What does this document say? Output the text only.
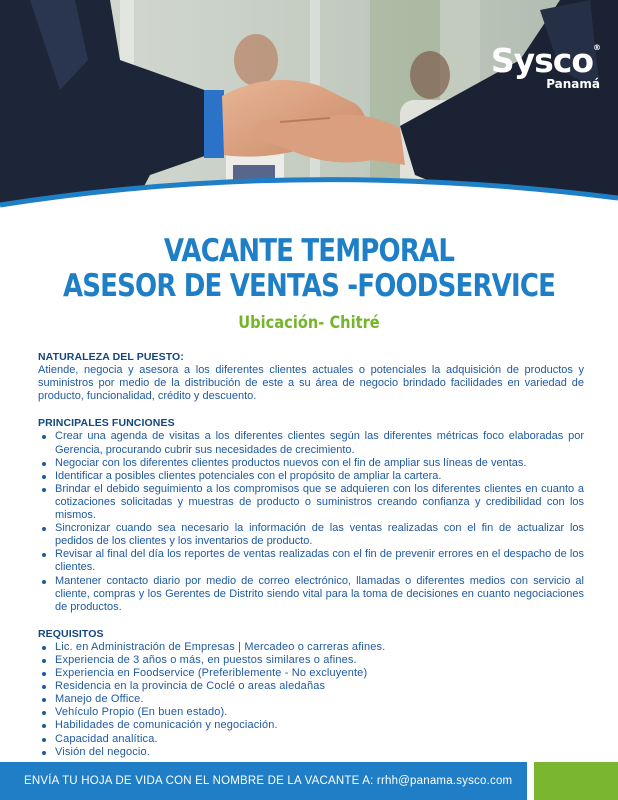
Sysco®
Panamá
VACANTE TEMPORAL
ASESOR DE VENTAS -FOODSERVICE
Ubicación- Chitré
NATURALEZA DEL PUESTO:
Atiende, negocia y asesora a los diferentes clientes actuales o potenciales la adquisición de productos y suministros por medio de la distribución de este a su área de negocio brindado facilidades en variedad de producto, funcionalidad, crédito y descuento.
PRINCIPALES FUNCIONES
Crear una agenda de visitas a los diferentes clientes según las diferentes métricas foco elaboradas por Gerencia, procurando cubrir sus necesidades de crecimiento.
Negociar con los diferentes clientes productos nuevos con el fin de ampliar sus líneas de ventas.
Identificar a posibles clientes potenciales con el propósito de ampliar la cartera.
Brindar el debido seguimiento a los compromisos que se adquieren con los diferentes clientes en cuanto a cotizaciones solicitadas y muestras de producto o suministros creando confianza y credibilidad con los mismos.
Sincronizar cuando sea necesario la información de las ventas realizadas con el fin de actualizar los pedidos de los clientes y los inventarios de producto.
Revisar al final del día los reportes de ventas realizadas con el fin de prevenir errores en el despacho de los clientes.
Mantener contacto diario por medio de correo electrónico, llamadas o diferentes medios con servicio al cliente, compras y los Gerentes de Distrito siendo vital para la toma de decisiones en cuanto negociaciones de productos.
REQUISITOS
Lic. en Administración de Empresas | Mercadeo o carreras afines.
Experiencia de 3 años o más, en puestos similares o afines.
Experiencia en Foodservice (Preferiblemente - No excluyente)
Residencia en la provincia de Coclé o areas aledañas
Manejo de Office.
Vehículo Propio (En buen estado).
Habilidades de comunicación y negociación.
Capacidad analítica.
Visión del negocio.
ENVÍA TU HOJA DE VIDA CON EL NOMBRE DE LA VACANTE A: rrhh@panama.sysco.com
